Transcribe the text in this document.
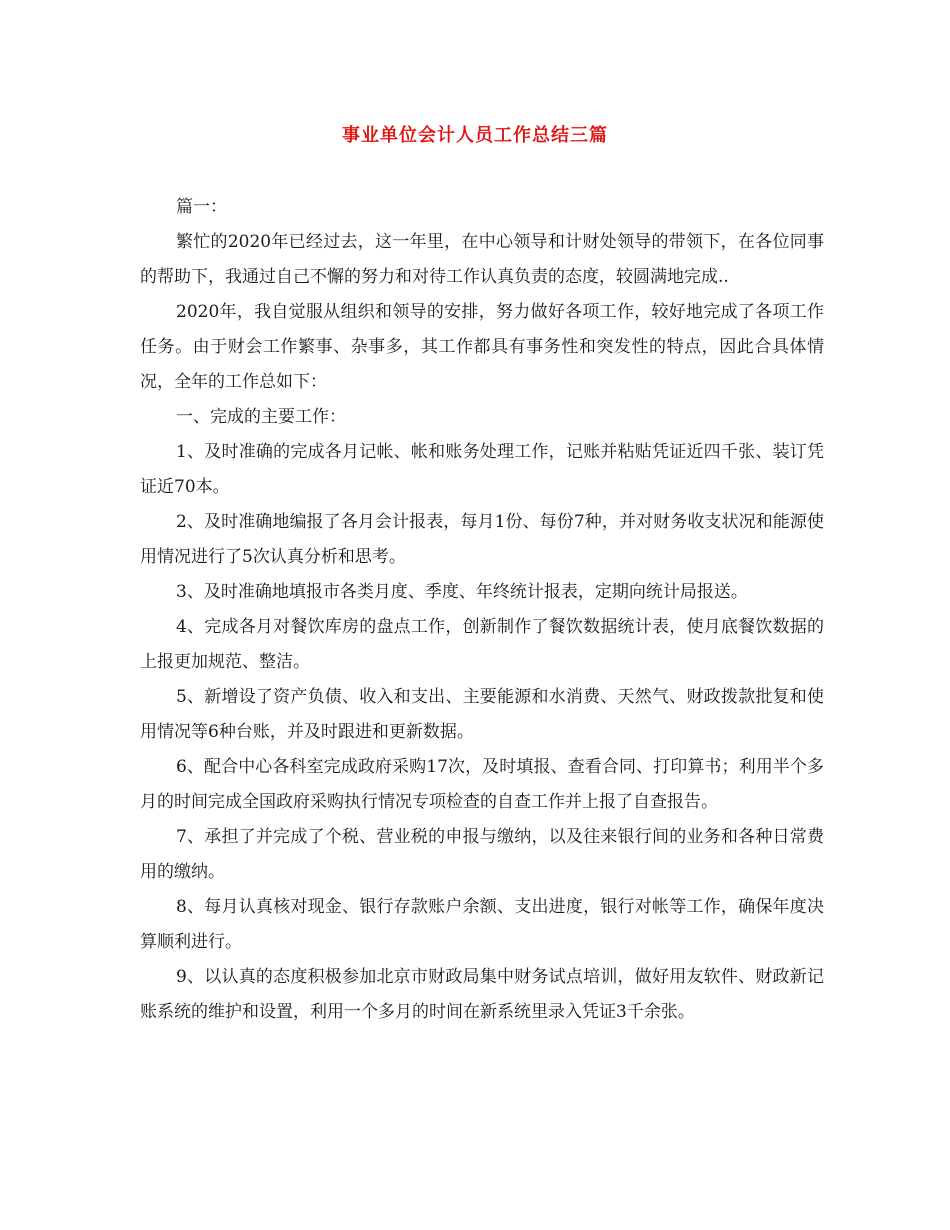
事业单位会计人员工作总结三篇

篇一：

繁忙的2020年已经过去，这一年里，在中心领导和计财处领导的带领下，在各位同事的帮助下，我通过自己不懈的努力和对待工作认真负责的态度，较圆满地完成..

2020年，我自觉服从组织和领导的安排，努力做好各项工作，较好地完成了各项工作任务。由于财会工作繁事、杂事多，其工作都具有事务性和突发性的特点，因此合具体情况，全年的工作总如下：

一、完成的主要工作：

1、及时准确的完成各月记帐、帐和账务处理工作，记账并粘贴凭证近四千张、装订凭证近70本。

2、及时准确地编报了各月会计报表，每月1份、每份7种，并对财务收支状况和能源使用情况进行了5次认真分析和思考。

3、及时准确地填报市各类月度、季度、年终统计报表，定期向统计局报送。

4、完成各月对餐饮库房的盘点工作，创新制作了餐饮数据统计表，使月底餐饮数据的上报更加规范、整洁。

5、新增设了资产负债、收入和支出、主要能源和水消费、天然气、财政拨款批复和使用情况等6种台账，并及时跟进和更新数据。

6、配合中心各科室完成政府采购17次，及时填报、查看合同、打印算书；利用半个多月的时间完成全国政府采购执行情况专项检查的自查工作并上报了自查报告。

7、承担了并完成了个税、营业税的申报与缴纳，以及往来银行间的业务和各种日常费用的缴纳。

8、每月认真核对现金、银行存款账户余额、支出进度，银行对帐等工作，确保年度决算顺利进行。

9、以认真的态度积极参加北京市财政局集中财务试点培训，做好用友软件、财政新记账系统的维护和设置，利用一个多月的时间在新系统里录入凭证3千余张。
